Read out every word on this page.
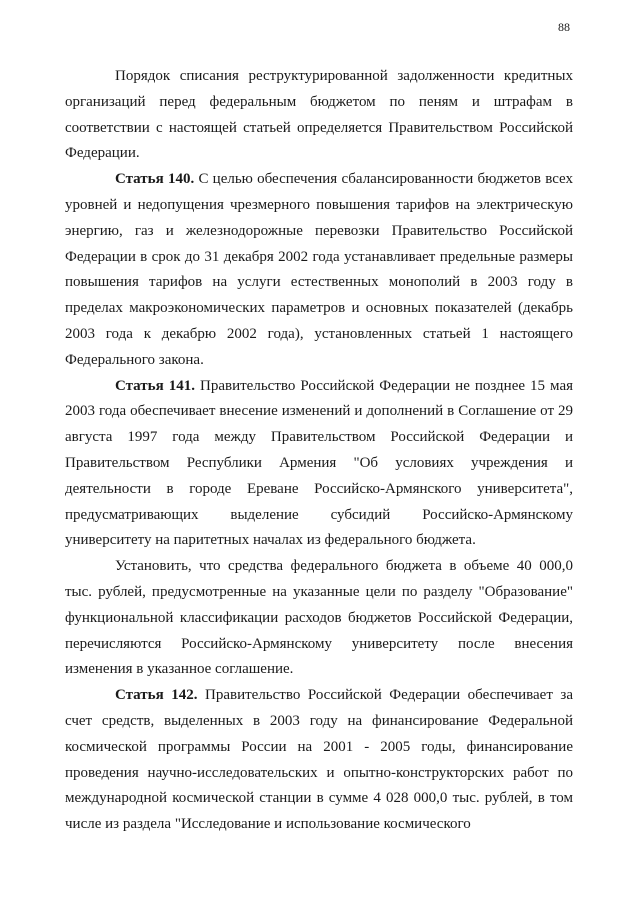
88

Порядок списания реструктурированной задолженности кредитных организаций перед федеральным бюджетом по пеням и штрафам в соответствии с настоящей статьей определяется Правительством Российской Федерации.

Статья 140. С целью обеспечения сбалансированности бюджетов всех уровней и недопущения чрезмерного повышения тарифов на электрическую энергию, газ и железнодорожные перевозки Правительство Российской Федерации в срок до 31 декабря 2002 года устанавливает предельные размеры повышения тарифов на услуги естественных монополий в 2003 году в пределах макроэкономических параметров и основных показателей (декабрь 2003 года к декабрю 2002 года), установленных статьей 1 настоящего Федерального закона.

Статья 141. Правительство Российской Федерации не позднее 15 мая 2003 года обеспечивает внесение изменений и дополнений в Соглашение от 29 августа 1997 года между Правительством Российской Федерации и Правительством Республики Армения "Об условиях учреждения и деятельности в городе Ереване Российско-Армянского университета", предусматривающих выделение субсидий Российско-Армянскому университету на паритетных началах из федерального бюджета.

Установить, что средства федерального бюджета в объеме 40 000,0 тыс. рублей, предусмотренные на указанные цели по разделу "Образование" функциональной классификации расходов бюджетов Российской Федерации, перечисляются Российско-Армянскому университету после внесения изменения в указанное соглашение.

Статья 142. Правительство Российской Федерации обеспечивает за счет средств, выделенных в 2003 году на финансирование Федеральной космической программы России на 2001 - 2005 годы, финансирование проведения научно-исследовательских и опытно-конструкторских работ по международной космической станции в сумме 4 028 000,0 тыс. рублей, в том числе из раздела "Исследование и использование космического
